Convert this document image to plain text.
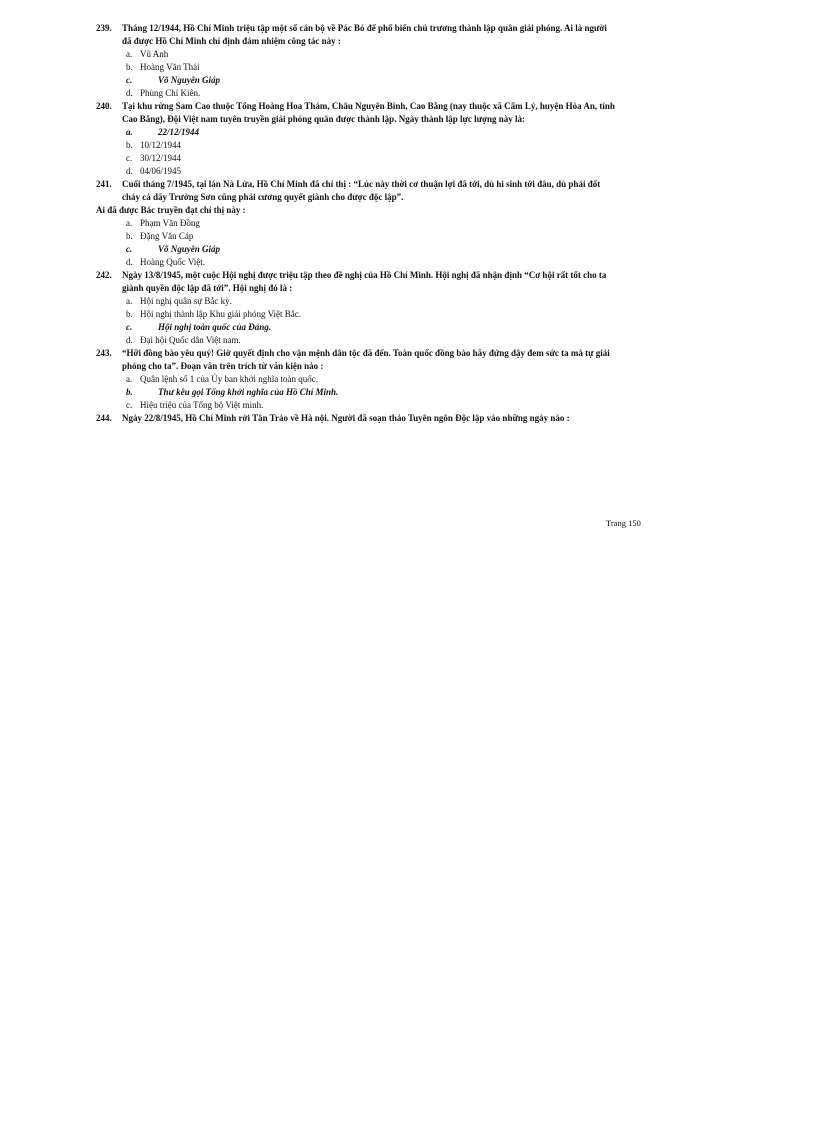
239. Tháng 12/1944, Hồ Chí Minh triệu tập một số cán bộ về Pác Bó để phổ biến chủ trương thành lập quân giải phóng. Ai là người đã được Hồ Chí Minh chỉ định đảm nhiệm công tác này :
a. Vũ Anh
b. Hoàng Văn Thái
c.	Võ Nguyên Giáp
d. Phùng Chí Kiên.
240. Tại khu rừng Sam Cao thuộc Tổng Hoàng Hoa Thám, Châu Nguyên Bình, Cao Bằng (nay thuộc xã Cẩm Lý, huyện Hòa An, tỉnh Cao Bằng), Đội Việt nam tuyên truyền giải phóng quân được thành lập. Ngày thành lập lực lượng này là:
a.	22/12/1944
b. 10/12/1944
c. 30/12/1944
d. 04/06/1945
241. Cuối tháng 7/1945, tại lán Nà Lừa, Hồ Chí Minh đã chỉ thị : “Lúc này thời cơ thuận lợi đã tới, dù hi sinh tới đâu, dù phải đốt cháy cả dãy Trường Sơn cũng phải cương quyết giành cho được độc lập”.
Ai đã được Bác truyền đạt chỉ thị này :
a. Phạm Văn Đồng
b. Đặng Văn Cáp
c.	Võ Nguyên Giáp
d. Hoàng Quốc Việt.
242. Ngày 13/8/1945, một cuộc Hội nghị được triệu tập theo đề nghị của Hồ Chí Minh. Hội nghị đã nhận định “Cơ hội rất tốt cho ta giành quyền độc lập đã tới”. Hội nghị đó là :
a. Hội nghị quân sự Bắc kỳ.
b. Hội nghị thành lập Khu giải phóng Việt Bắc.
c.	Hội nghị toàn quốc của Đảng.
d. Đại hội Quốc dân Việt nam.
243. “Hỡi đồng bào yêu quý! Giờ quyết định cho vận mệnh dân tộc đã đến. Toàn quốc đồng bào hãy đứng dậy đem sức ta mà tự giải phóng cho ta”. Đoạn văn trên trích từ văn kiện nào :
a. Quân lệnh số 1 của Ủy ban khởi nghĩa toàn quốc.
b.	Thư kêu gọi Tổng khởi nghĩa của Hồ Chí Minh.
c. Hiệu triệu của Tổng bộ Việt minh.
244. Ngày 22/8/1945, Hồ Chí Minh rời Tân Trào về Hà nội. Người đã soạn thảo Tuyên ngôn Độc lập vào những ngày nào :
Trang 150
